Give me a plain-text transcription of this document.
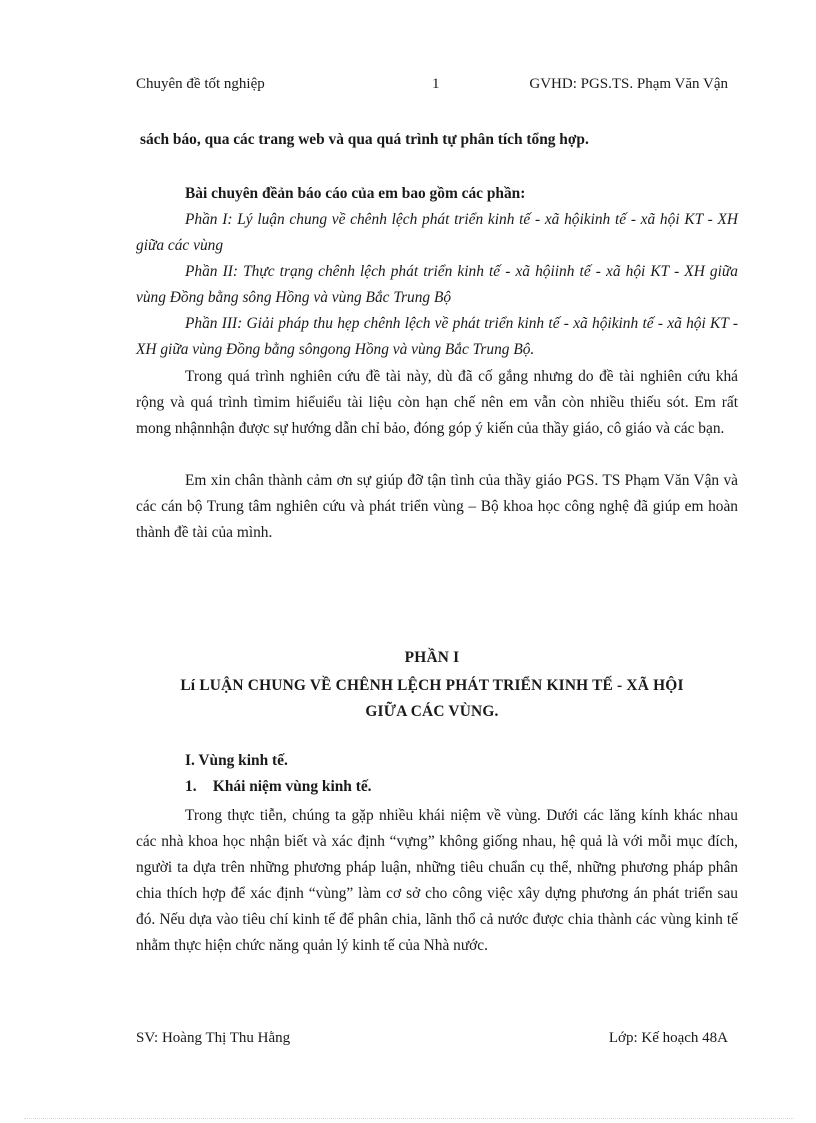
Chuyên đề tốt nghiệp	1	GVHD: PGS.TS. Phạm Văn Vận
sách báo, qua các trang web và qua quá trình tự phân tích tổng hợp.

Bài chuyên đềản báo cáo của em bao gồm các phần:

Phần I: Lý luận chung về chênh lệch phát triển kinh tế - xã hộikinh tế - xã hội KT - XH giữa các vùng

Phần II: Thực trạng chênh lệch phát triển kinh tế - xã hộiinh tế - xã hội KT - XH giữa vùng Đồng bằng sông Hồng và vùng Bắc Trung Bộ

Phần III: Giải pháp thu hẹp chênh lệch về phát triển kinh tế - xã hộikinh tế - xã hội KT - XH giữa vùng Đồng bằng sôngong Hồng và vùng Bắc Trung Bộ.

Trong quá trình nghiên cứu đề tài này, dù đã cố gắng nhưng do đề tài nghiên cứu khá rộng và quá trình tìmim hiểuiểu tài liệu còn hạn chế nên em vẫn còn nhiều thiếu sót. Em rất mong nhậnnhận được sự hướng dẫn chỉ bảo, đóng góp ý kiến của thầy giáo, cô giáo và các bạn.

Em xin chân thành cảm ơn sự giúp đỡ tận tình của thầy giáo PGS. TS Phạm Văn Vận và các cán bộ Trung tâm nghiên cứu và phát triển vùng – Bộ khoa học công nghệ đã giúp em hoàn thành đề tài của mình.

PHẦN I
Lí LUẬN CHUNG VỀ CHÊNH LỆCH PHÁT TRIỂN KINH TẾ - XÃ HỘI
GIỮA CÁC VÙNG.
I. Vùng kinh tế.
1. Khái niệm vùng kinh tế.

Trong thực tiễn, chúng ta gặp nhiều khái niệm về vùng. Dưới các lăng kính khác nhau các nhà khoa học nhận biết và xác định “vựng” không giống nhau, hệ quả là với mỗi mục đích, người ta dựa trên những phương pháp luận, những tiêu chuẩn cụ thể, những phương pháp phân chia thích hợp để xác định “vùng” làm cơ sở cho công việc xây dựng phương án phát triển sau đó. Nếu dựa vào tiêu chí kinh tế để phân chia, lãnh thổ cả nước được chia thành các vùng kinh tế nhằm thực hiện chức năng quản lý kinh tế của Nhà nước.

SV: Hoàng Thị Thu Hằng	Lớp: Kế hoạch 48A
